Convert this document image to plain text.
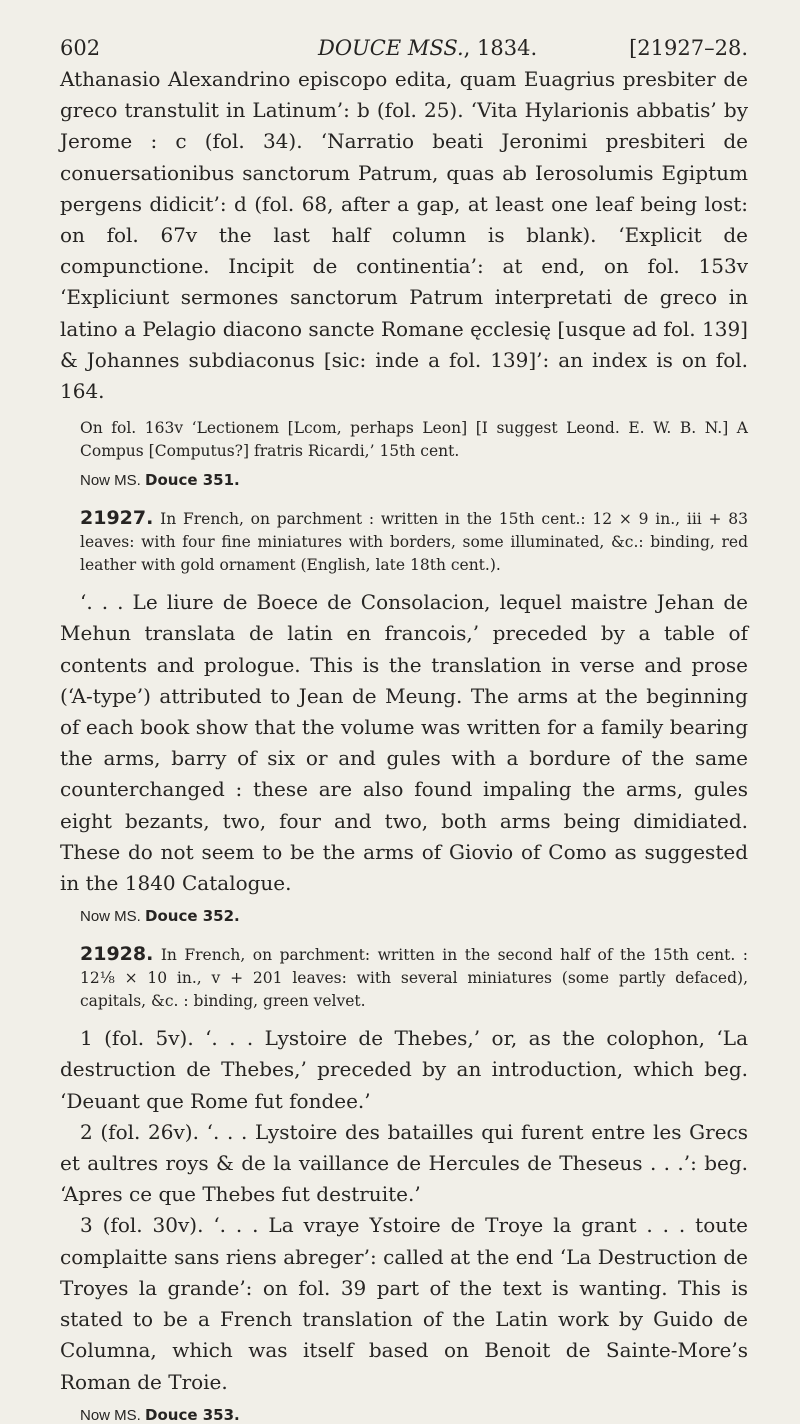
602	DOUCE MSS., 1834.	[21927–28.

Athanasio Alexandrino episcopo edita, quam Euagrius presbiter de greco transtulit in Latinum’: b (fol. 25). ‘Vita Hylarionis abbatis’ by Jerome : c (fol. 34). ‘Narratio beati Jeronimi presbiteri de conuersationibus sanctorum Patrum, quas ab Ierosolumis Egiptum pergens didicit’: d (fol. 68, after a gap, at least one leaf being lost: on fol. 67v the last half column is blank). ‘Explicit de compunctione. Incipit de continentia’: at end, on fol. 153v ‘Expliciunt sermones sanctorum Patrum interpretati de greco in latino a Pelagio diacono sancte Romane ęcclesię [usque ad fol. 139] & Johannes subdiaconus [sic: inde a fol. 139]’: an index is on fol. 164.

On fol. 163v ‘Lectionem [Lcom, perhaps Leon] [I suggest Leond. E. W. B. N.] A Compus [Computus?] fratris Ricardi,’ 15th cent.

Now MS. Douce 351.

21927. In French, on parchment : written in the 15th cent.: 12 × 9 in., iii + 83 leaves: with four fine miniatures with borders, some illuminated, &c.: binding, red leather with gold ornament (English, late 18th cent.).

‘. . . Le liure de Boece de Consolacion, lequel maistre Jehan de Mehun translata de latin en francois,’ preceded by a table of contents and prologue. This is the translation in verse and prose (‘A-type’) attributed to Jean de Meung. The arms at the beginning of each book show that the volume was written for a family bearing the arms, barry of six or and gules with a bordure of the same counterchanged : these are also found impaling the arms, gules eight bezants, two, four and two, both arms being dimidiated. These do not seem to be the arms of Giovio of Como as suggested in the 1840 Catalogue.

Now MS. Douce 352.

21928. In French, on parchment: written in the second half of the 15th cent. : 12⅛ × 10 in., v + 201 leaves: with several miniatures (some partly defaced), capitals, &c. : binding, green velvet.

1 (fol. 5v). ‘. . . Lystoire de Thebes,’ or, as the colophon, ‘La destruction de Thebes,’ preceded by an introduction, which beg. ‘Deuant que Rome fut fondee.’

2 (fol. 26v). ‘. . . Lystoire des batailles qui furent entre les Grecs et aultres roys & de la vaillance de Hercules de Theseus . . .’: beg. ‘Apres ce que Thebes fut destruite.’

3 (fol. 30v). ‘. . . La vraye Ystoire de Troye la grant . . . toute complaitte sans riens abreger’: called at the end ‘La Destruction de Troyes la grande’: on fol. 39 part of the text is wanting. This is stated to be a French translation of the Latin work by Guido de Columna, which was itself based on Benoit de Sainte-More’s Roman de Troie.

Now MS. Douce 353.
